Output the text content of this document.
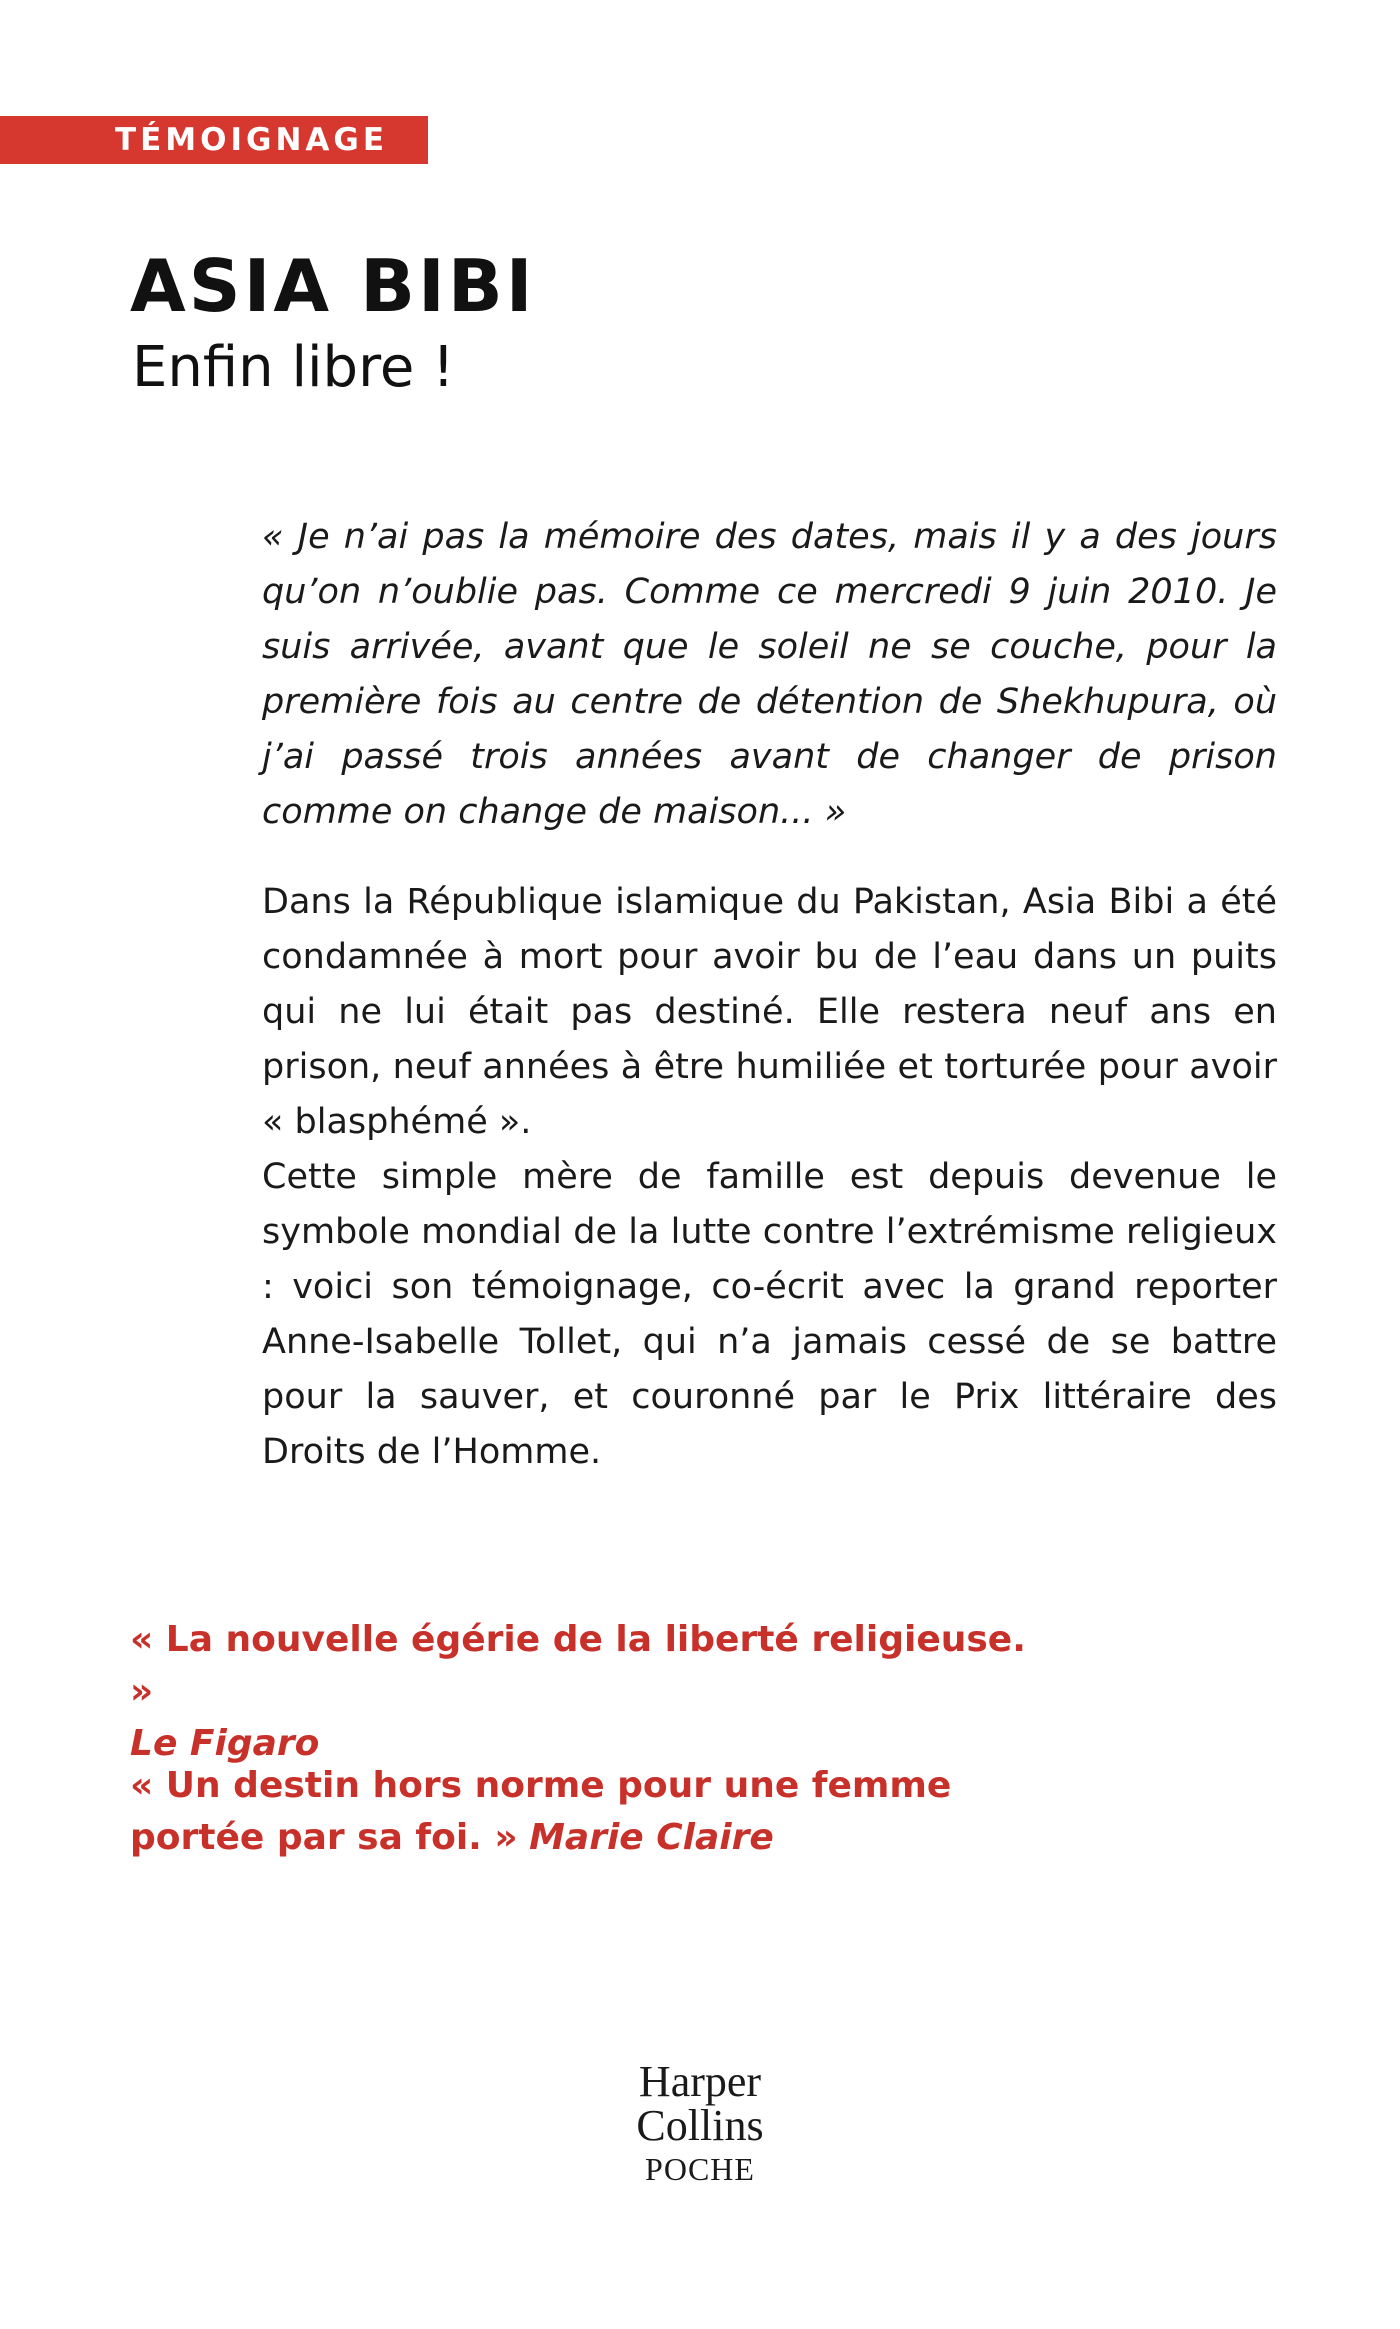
TÉMOIGNAGE
ASIA BIBI
Enfin libre !

« Je n’ai pas la mémoire des dates, mais il y a des jours qu’on n’oublie pas. Comme ce mercredi 9 juin 2010. Je suis arrivée, avant que le soleil ne se couche, pour la première fois au centre de détention de Shekhupura, où j’ai passé trois années avant de changer de prison comme on change de maison... »

Dans la République islamique du Pakistan, Asia Bibi a été condamnée à mort pour avoir bu de l’eau dans un puits qui ne lui était pas destiné. Elle restera neuf ans en prison, neuf années à être humiliée et torturée pour avoir « blasphémé ».

Cette simple mère de famille est depuis devenue le symbole mondial de la lutte contre l’extrémisme religieux : voici son témoignage, co-écrit avec la grand reporter Anne-Isabelle Tollet, qui n’a jamais cessé de se battre pour la sauver, et couronné par le Prix littéraire des Droits de l’Homme.

« La nouvelle égérie de la liberté religieuse. »
Le Figaro

« Un destin hors norme pour une femme portée par sa foi. » Marie Claire

Harper
Collins
POCHE
